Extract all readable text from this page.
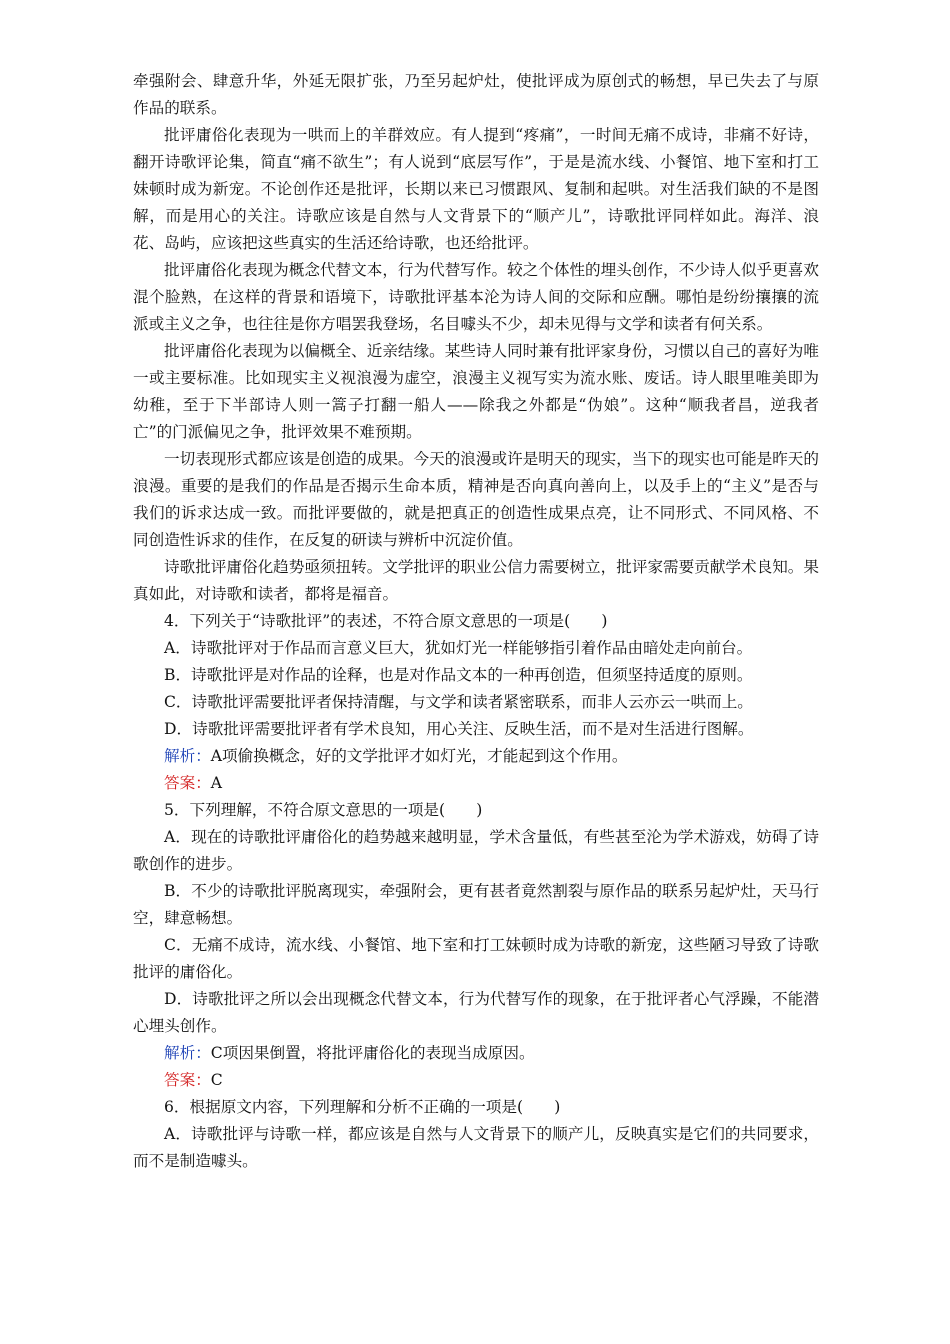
牵强附会、肆意升华，外延无限扩张，乃至另起炉灶，使批评成为原创式的畅想，早已失去了与原作品的联系。

批评庸俗化表现为一哄而上的羊群效应。有人提到“疼痛”，一时间无痛不成诗，非痛不好诗，翻开诗歌评论集，简直“痛不欲生”；有人说到“底层写作”，于是是流水线、小餐馆、地下室和打工妹顿时成为新宠。不论创作还是批评，长期以来已习惯跟风、复制和起哄。对生活我们缺的不是图解，而是用心的关注。诗歌应该是自然与人文背景下的“顺产儿”，诗歌批评同样如此。海洋、浪花、岛屿，应该把这些真实的生活还给诗歌，也还给批评。

批评庸俗化表现为概念代替文本，行为代替写作。较之个体性的埋头创作，不少诗人似乎更喜欢混个脸熟，在这样的背景和语境下，诗歌批评基本沦为诗人间的交际和应酬。哪怕是纷纷攘攘的流派或主义之争，也往往是你方唱罢我登场，名目噱头不少，却未见得与文学和读者有何关系。

批评庸俗化表现为以偏概全、近亲结缘。某些诗人同时兼有批评家身份，习惯以自己的喜好为唯一或主要标准。比如现实主义视浪漫为虚空，浪漫主义视写实为流水账、废话。诗人眼里唯美即为幼稚，至于下半部诗人则一篙子打翻一船人——除我之外都是“伪娘”。这种“顺我者昌，逆我者亡”的门派偏见之争，批评效果不难预期。

一切表现形式都应该是创造的成果。今天的浪漫或许是明天的现实，当下的现实也可能是昨天的浪漫。重要的是我们的作品是否揭示生命本质，精神是否向真向善向上，以及手上的“主义”是否与我们的诉求达成一致。而批评要做的，就是把真正的创造性成果点亮，让不同形式、不同风格、不同创造性诉求的佳作，在反复的研读与辨析中沉淀价值。

诗歌批评庸俗化趋势亟须扭转。文学批评的职业公信力需要树立，批评家需要贡献学术良知。果真如此，对诗歌和读者，都将是福音。

4．下列关于“诗歌批评”的表述，不符合原文意思的一项是(　　)

A．诗歌批评对于作品而言意义巨大，犹如灯光一样能够指引着作品由暗处走向前台。

B．诗歌批评是对作品的诠释，也是对作品文本的一种再创造，但须坚持适度的原则。

C．诗歌批评需要批评者保持清醒，与文学和读者紧密联系，而非人云亦云一哄而上。

D．诗歌批评需要批评者有学术良知，用心关注、反映生活，而不是对生活进行图解。

解析：A项偷换概念，好的文学批评才如灯光，才能起到这个作用。

答案：A

5．下列理解，不符合原文意思的一项是(　　)

A．现在的诗歌批评庸俗化的趋势越来越明显，学术含量低，有些甚至沦为学术游戏，妨碍了诗歌创作的进步。

B．不少的诗歌批评脱离现实，牵强附会，更有甚者竟然割裂与原作品的联系另起炉灶，天马行空，肆意畅想。

C．无痛不成诗，流水线、小餐馆、地下室和打工妹顿时成为诗歌的新宠，这些陋习导致了诗歌批评的庸俗化。

D．诗歌批评之所以会出现概念代替文本，行为代替写作的现象，在于批评者心气浮躁，不能潜心埋头创作。

解析：C项因果倒置，将批评庸俗化的表现当成原因。

答案：C

6．根据原文内容，下列理解和分析不正确的一项是(　　)

A．诗歌批评与诗歌一样，都应该是自然与人文背景下的顺产儿，反映真实是它们的共同要求，而不是制造噱头。
